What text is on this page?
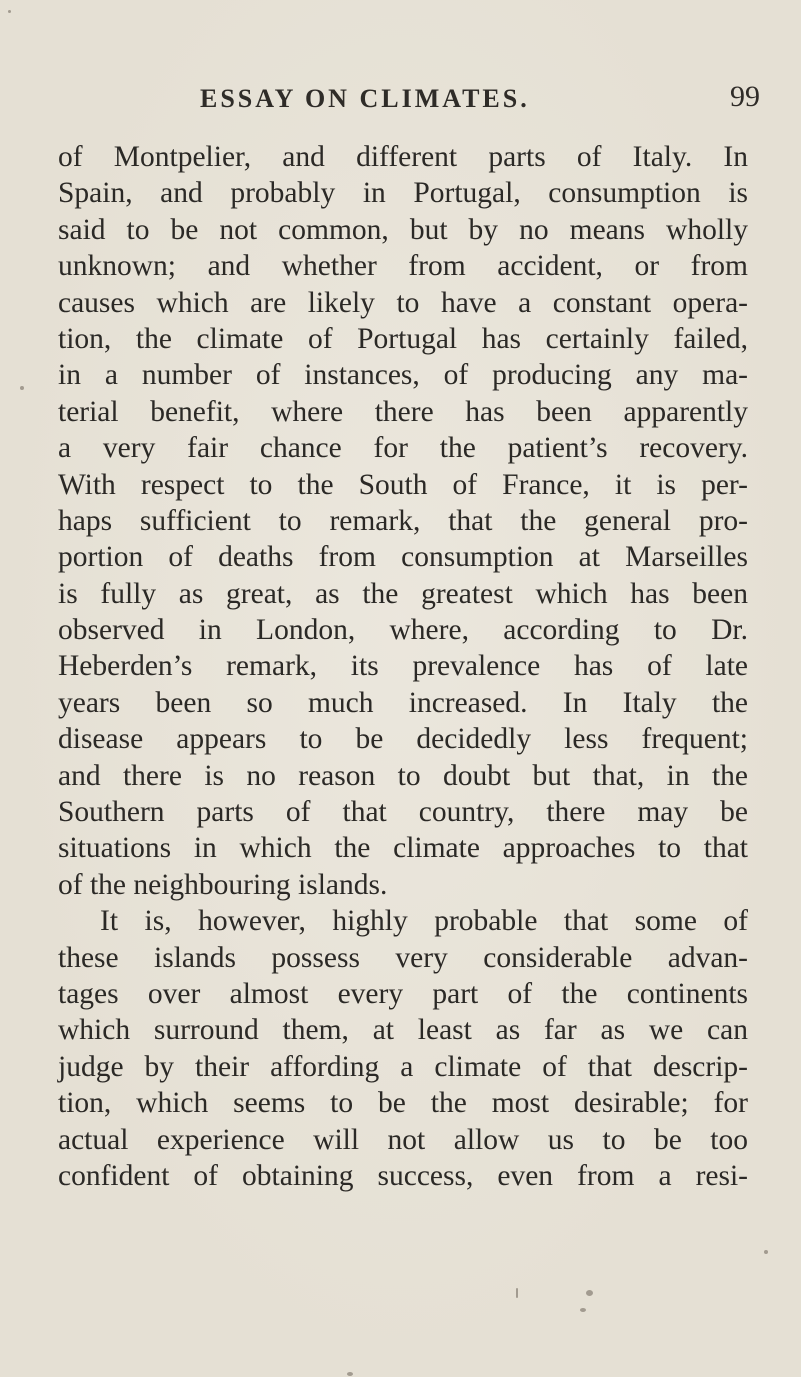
ESSAY ON CLIMATES.	99
of Montpelier, and different parts of Italy. In
Spain, and probably in Portugal, consumption is
said to be not common, but by no means wholly
unknown; and whether from accident, or from
causes which are likely to have a constant opera-
tion, the climate of Portugal has certainly failed,
in a number of instances, of producing any ma-
terial benefit, where there has been apparently
a very fair chance for the patient’s recovery.
With respect to the South of France, it is per-
haps sufficient to remark, that the general pro-
portion of deaths from consumption at Marseilles
is fully as great, as the greatest which has been
observed in London, where, according to Dr.
Heberden’s remark, its prevalence has of late
years been so much increased. In Italy the
disease appears to be decidedly less frequent;
and there is no reason to doubt but that, in the
Southern parts of that country, there may be
situations in which the climate approaches to that
of the neighbouring islands.
It is, however, highly probable that some of
these islands possess very considerable advan-
tages over almost every part of the continents
which surround them, at least as far as we can
judge by their affording a climate of that descrip-
tion, which seems to be the most desirable; for
actual experience will not allow us to be too
confident of obtaining success, even from a resi-
